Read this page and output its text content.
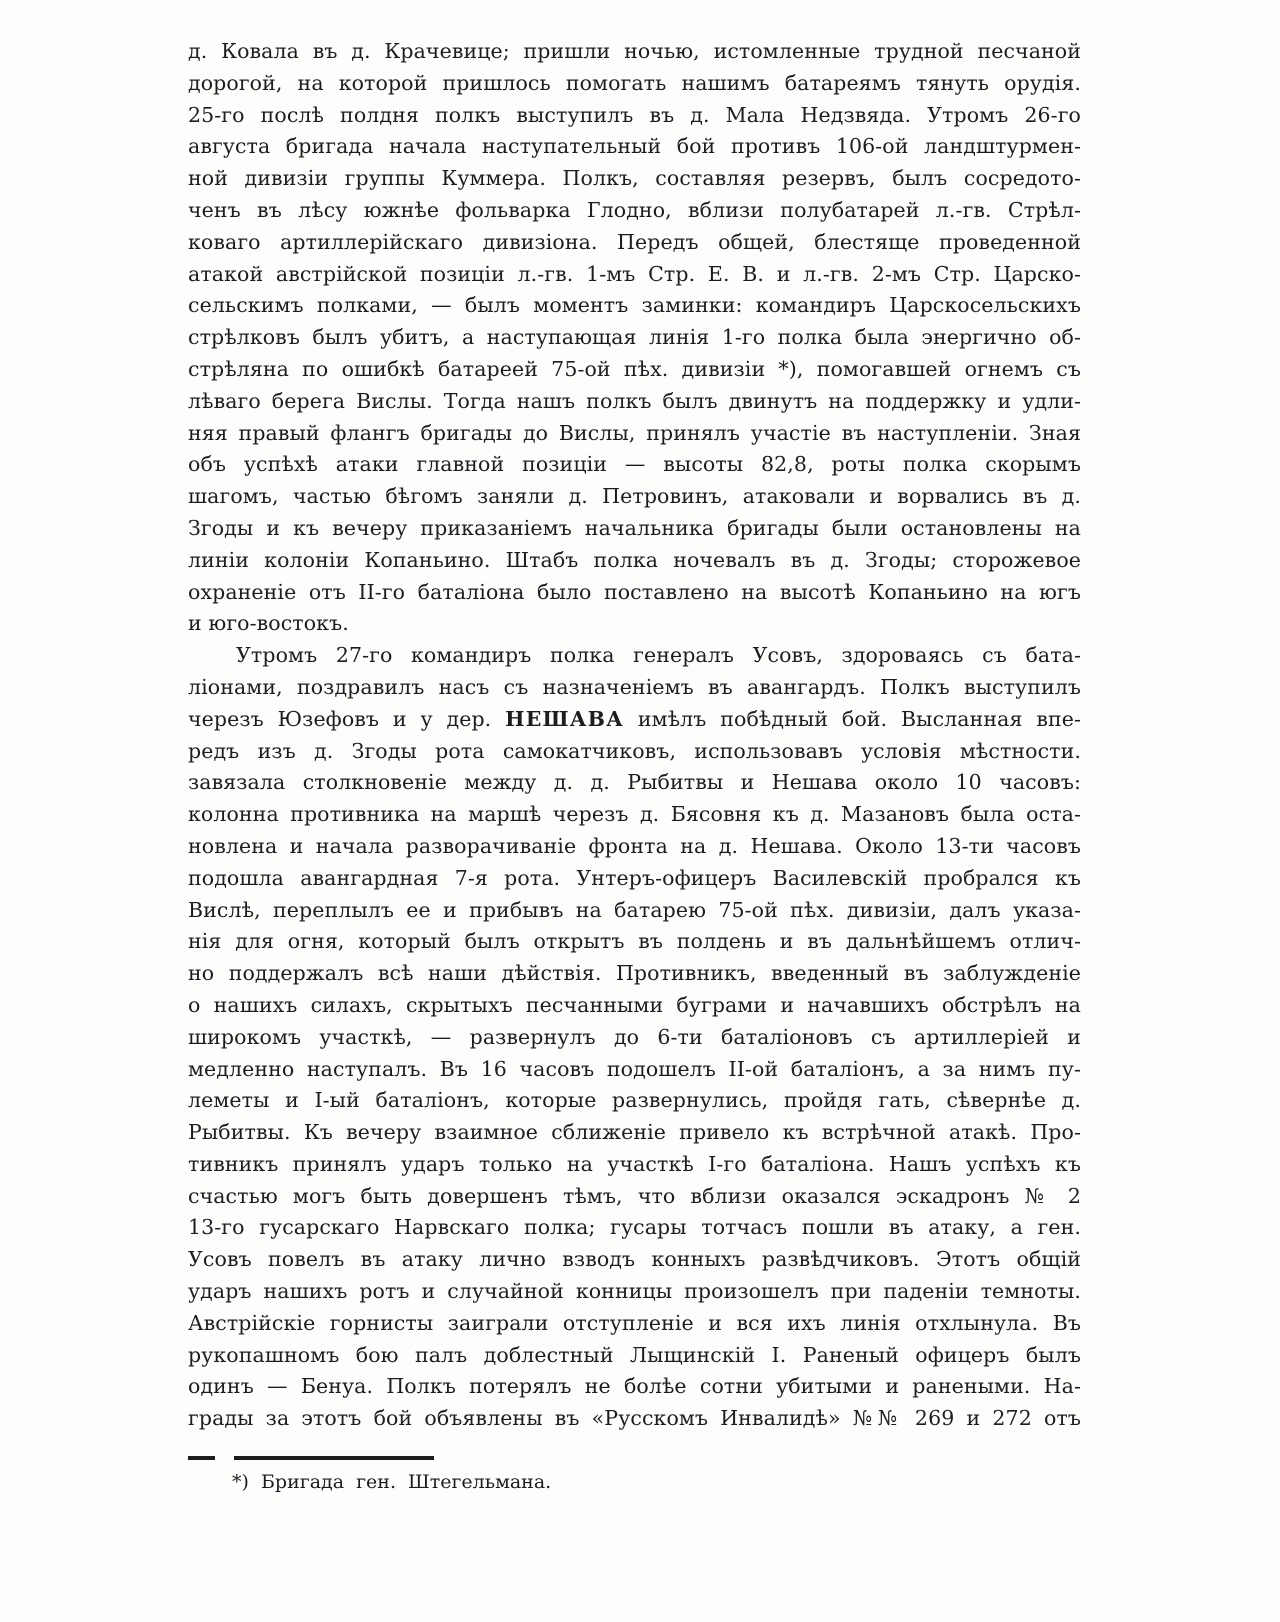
д. Ковала въ д. Крачевице; пришли ночью, истомленные трудной песчаной
дорогой, на которой пришлось помогать нашимъ батареямъ тянуть орудія.
25-го послѣ полдня полкъ выступилъ въ д. Мала Недзвяда. Утромъ 26-го
августа бригада начала наступательный бой противъ 106-ой ландштурмен-
ной дивизіи группы Куммера. Полкъ, составляя резервъ, былъ сосредото-
ченъ въ лѣсу южнѣе фольварка Глодно, вблизи полубатарей л.-гв. Стрѣл-
коваго артиллерійскаго дивизіона. Передъ общей, блестяще проведенной
атакой австрійской позиціи л.-гв. 1-мъ Стр. Е. В. и л.-гв. 2-мъ Стр. Царско-
сельскимъ полками, — былъ моментъ заминки: командиръ Царскосельскихъ
стрѣлковъ былъ убитъ, а наступающая линія 1-го полка была энергично об-
стрѣляна по ошибкѣ батареей 75-ой пѣх. дивизіи *), помогавшей огнемъ съ
лѣваго берега Вислы. Тогда нашъ полкъ былъ двинутъ на поддержку и удли-
няя правый флангъ бригады до Вислы, принялъ участіе въ наступленіи. Зная
объ успѣхѣ атаки главной позиціи — высоты 82,8, роты полка скорымъ
шагомъ, частью бѣгомъ заняли д. Петровинъ, атаковали и ворвались въ д.
Згоды и къ вечеру приказаніемъ начальника бригады были остановлены на
линіи колоніи Копаньино. Штабъ полка ночевалъ въ д. Згоды; сторожевое
охраненіе отъ II-го баталіона было поставлено на высотѣ Копаньино на югъ
и юго-востокъ.
Утромъ 27-го командиръ полка генералъ Усовъ, здороваясь съ бата-
ліонами, поздравилъ насъ съ назначеніемъ въ авангардъ. Полкъ выступилъ
черезъ Юзефовъ и у дер. НЕШАВА имѣлъ побѣдный бой. Высланная впе-
редъ изъ д. Згоды рота самокатчиковъ, использовавъ условія мѣстности.
завязала столкновеніе между д. д. Рыбитвы и Нешава около 10 часовъ:
колонна противника на маршѣ черезъ д. Бясовня къ д. Мазановъ была оста-
новлена и начала разворачиваніе фронта на д. Нешава. Около 13-ти часовъ
подошла авангардная 7-я рота. Унтеръ-офицеръ Василевскій пробрался къ
Вислѣ, переплылъ ее и прибывъ на батарею 75-ой пѣх. дивизіи, далъ указа-
нія для огня, который былъ открытъ въ полдень и въ дальнѣйшемъ отлич-
но поддержалъ всѣ наши дѣйствія. Противникъ, введенный въ заблужденіе
о нашихъ силахъ, скрытыхъ песчанными буграми и начавшихъ обстрѣлъ на
широкомъ участкѣ, — развернулъ до 6-ти баталіоновъ съ артиллеріей и
медленно наступалъ. Въ 16 часовъ подошелъ II-ой баталіонъ, а за нимъ пу-
леметы и I-ый баталіонъ, которые развернулись, пройдя гать, сѣвернѣе д.
Рыбитвы. Къ вечеру взаимное сближеніе привело къ встрѣчной атакѣ. Про-
тивникъ принялъ ударъ только на участкѣ I-го баталіона. Нашъ успѣхъ къ
счастью могъ быть довершенъ тѣмъ, что вблизи оказался эскадронъ № 2
13-го гусарскаго Нарвскаго полка; гусары тотчасъ пошли въ атаку, а ген.
Усовъ повелъ въ атаку лично взводъ конныхъ развѣдчиковъ. Этотъ общій
ударъ нашихъ ротъ и случайной конницы произошелъ при паденіи темноты.
Австрійскіе горнисты заиграли отступленіе и вся ихъ линія отхлынула. Въ
рукопашномъ бою палъ доблестный Лыщинскій I. Раненый офицеръ былъ
одинъ — Бенуа. Полкъ потерялъ не болѣе сотни убитыми и ранеными. На-
грады за этотъ бой объявлены въ «Русскомъ Инвалидѣ» №№ 269 и 272 отъ
*) Бригада ген. Штегельмана.
